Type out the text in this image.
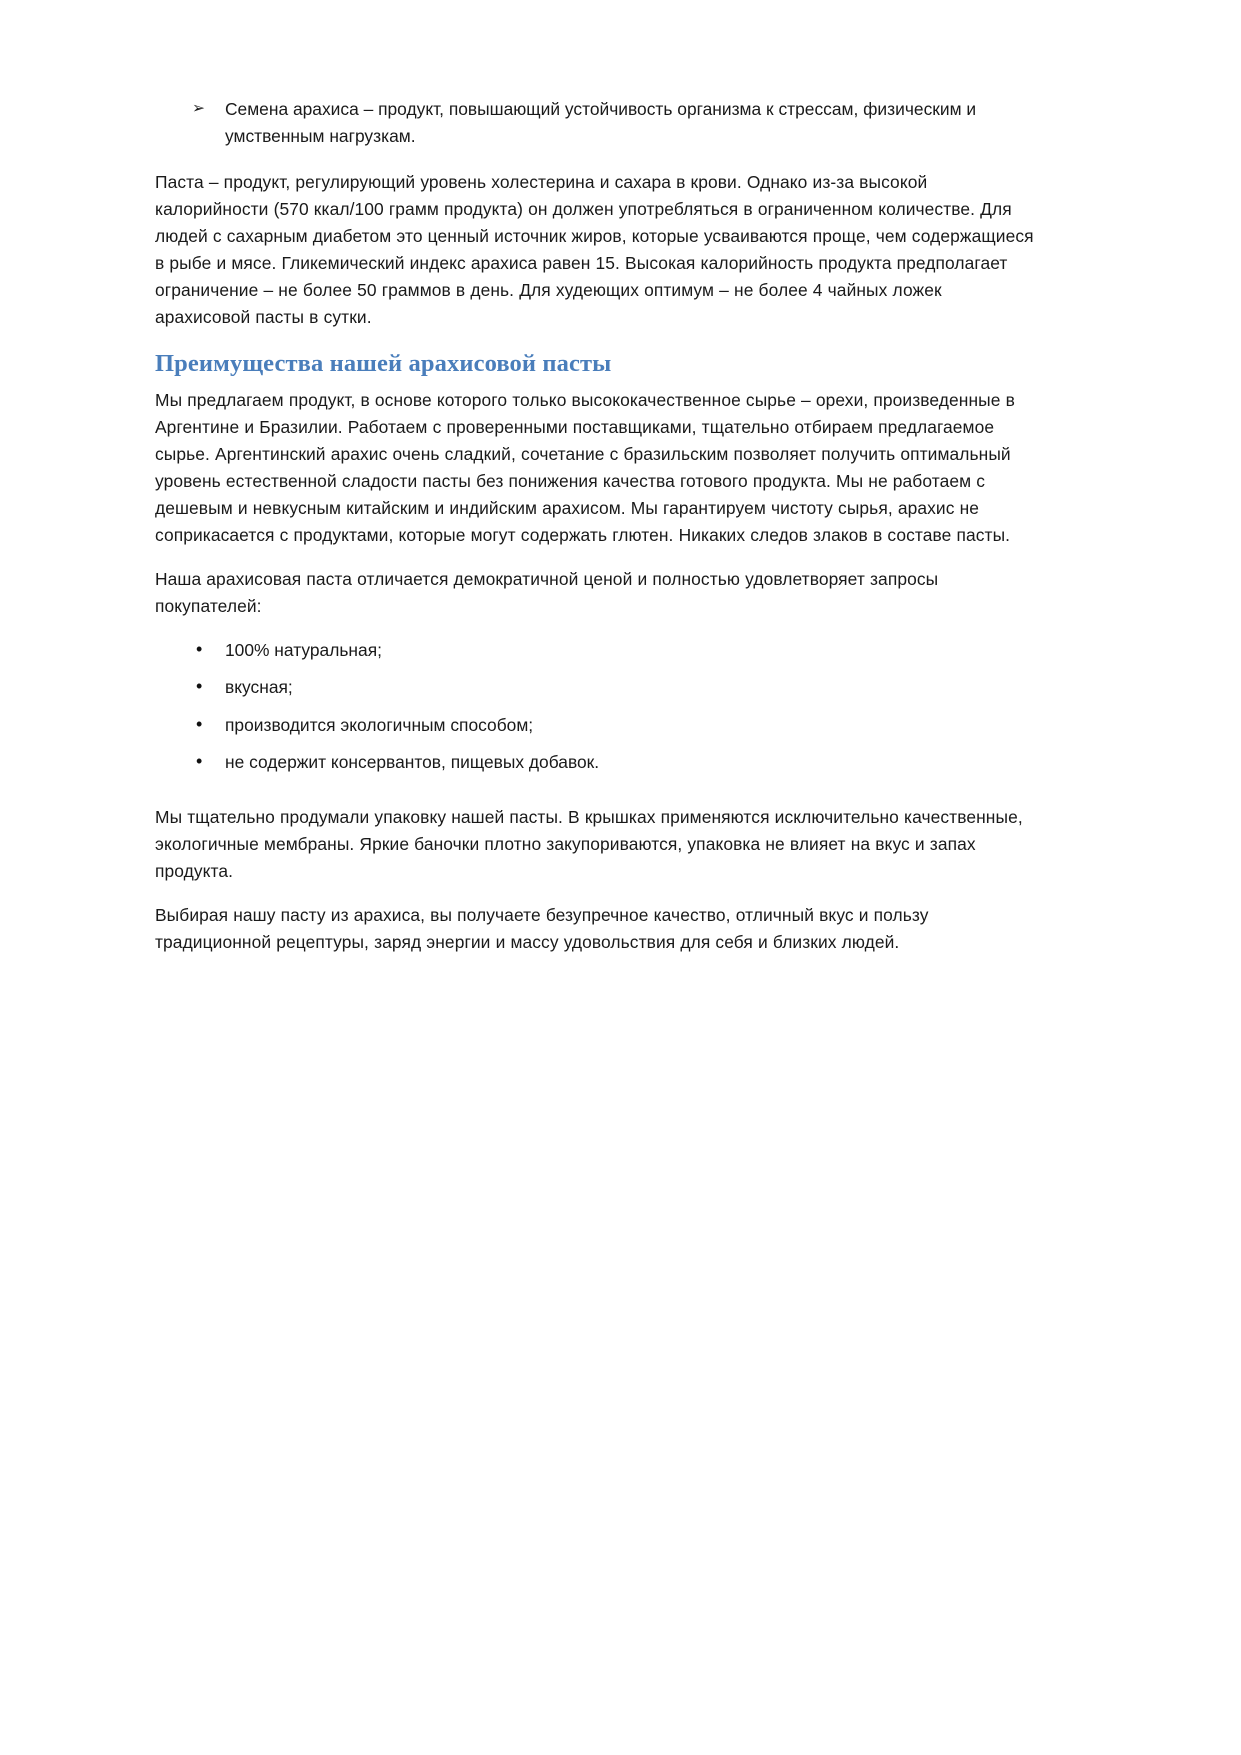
➢ Семена арахиса – продукт, повышающий устойчивость организма к стрессам, физическим и умственным нагрузкам.

Паста – продукт, регулирующий уровень холестерина и сахара в крови. Однако из-за высокой калорийности (570 ккал/100 грамм продукта) он должен употребляться в ограниченном количестве. Для людей с сахарным диабетом это ценный источник жиров, которые усваиваются проще, чем содержащиеся в рыбе и мясе. Гликемический индекс арахиса равен 15. Высокая калорийность продукта предполагает ограничение – не более 50 граммов в день. Для худеющих оптимум – не более 4 чайных ложек арахисовой пасты в сутки.

Преимущества нашей арахисовой пасты

Мы предлагаем продукт, в основе которого только высококачественное сырье – орехи, произведенные в Аргентине и Бразилии. Работаем с проверенными поставщиками, тщательно отбираем предлагаемое сырье. Аргентинский арахис очень сладкий, сочетание с бразильским позволяет получить оптимальный уровень естественной сладости пасты без понижения качества готового продукта. Мы не работаем с дешевым и невкусным китайским и индийским арахисом. Мы гарантируем чистоту сырья, арахис не соприкасается с продуктами, которые могут содержать глютен. Никаких следов злаков в составе пасты.

Наша арахисовая паста отличается демократичной ценой и полностью удовлетворяет запросы покупателей:

• 100% натуральная;
• вкусная;
• производится экологичным способом;
• не содержит консервантов, пищевых добавок.

Мы тщательно продумали упаковку нашей пасты. В крышках применяются исключительно качественные, экологичные мембраны. Яркие баночки плотно закупориваются, упаковка не влияет на вкус и запах продукта.

Выбирая нашу пасту из арахиса, вы получаете безупречное качество, отличный вкус и пользу традиционной рецептуры, заряд энергии и массу удовольствия для себя и близких людей.
